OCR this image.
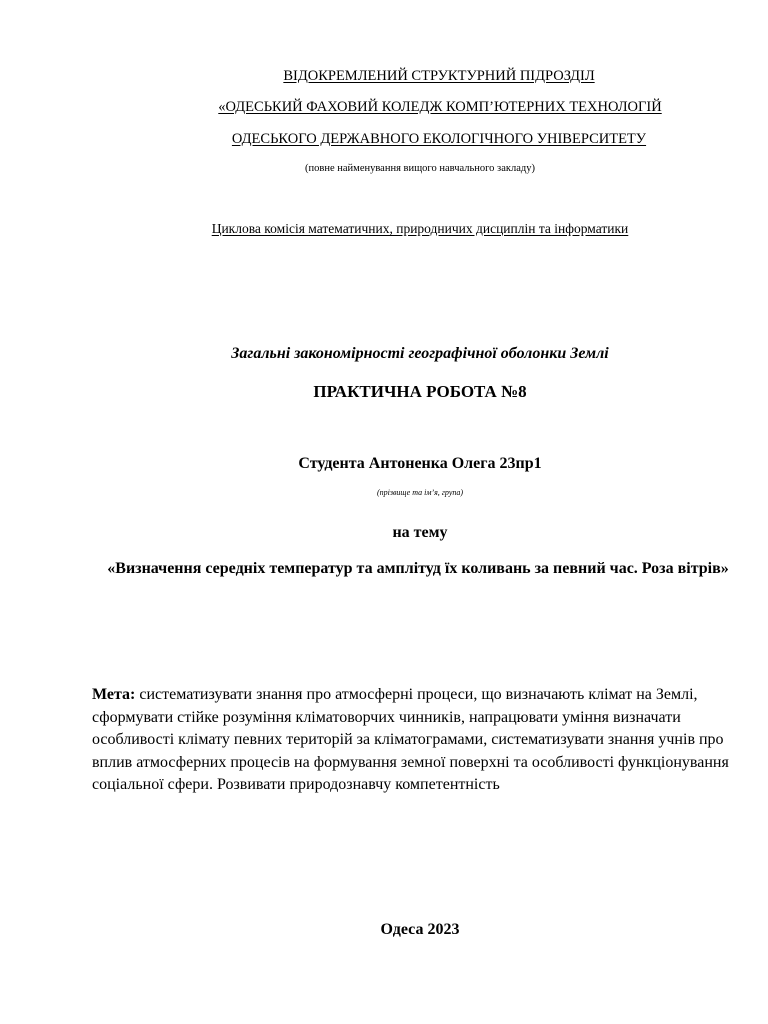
ВІДОКРЕМЛЕНИЙ СТРУКТУРНИЙ ПІДРОЗДІЛ
«ОДЕСЬКИЙ ФАХОВИЙ КОЛЕДЖ КОМП’ЮТЕРНИХ ТЕХНОЛОГІЙ
ОДЕСЬКОГО ДЕРЖАВНОГО ЕКОЛОГІЧНОГО УНІВЕРСИТЕТУ
(повне найменування вищого навчального закладу)
Циклова комісія математичних, природничих дисциплін та інформатики
Загальні закономірності географічної оболонки Землі
ПРАКТИЧНА РОБОТА №8
Студента Антоненка Олега 23пр1
(прізвище та ім’я, група)
на тему
«Визначення середніх температур та амплітуд їх коливань за певний час. Роза вітрів»
Мета: систематизувати знання про атмосферні процеси, що визначають клімат на Землі, сформувати стійке розуміння кліматоворчих чинників, напрацювати уміння визначати особливості клімату певних територій за кліматограмами, систематизувати знання учнів про вплив атмосферних процесів на формування земної поверхні та особливості функціонування соціальної сфери. Розвивати природознавчу компетентність
Одеса 2023
